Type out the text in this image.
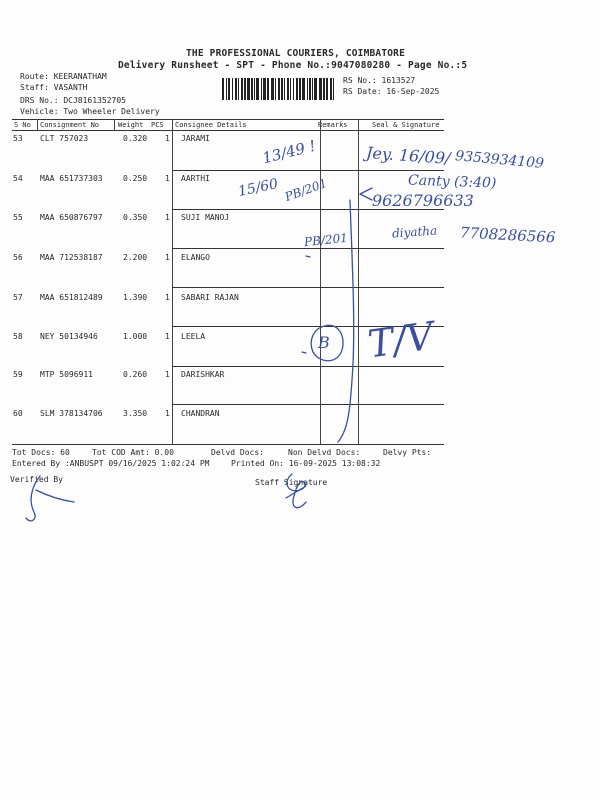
THE PROFESSIONAL COURIERS, COIMBATORE
Delivery Runsheet - SPT - Phone No.:9047080280 - Page No.:5
Route: KEERANATHAM
Staff: VASANTH
DRS No.: DCJ8161352705
Vehicle: Two Wheeler Delivery
RS No.: 1613527
RS Date: 16-Sep-2025
S No Consignment No	Weight PCS Consignee Details	Remarks	Seal & Signature
53 CLT 757023	0.320 1 JARAMI
54 MAA 651737303	0.250 1 AARTHI
55 MAA 650876797	0.350 1 SUJI MANOJ
56 MAA 712538187	2.200 1 ELANGO
57 MAA 651812489	1.390 1 SABARI RAJAN
58 NEY 50134946	1.000 1 LEELA
59 MTP 5096911	0.260 1 DARISHKAR
60 SLM 378134706	3.350 1 CHANDRAN
Tot Docs: 60	Tot COD Amt: 0.00	Delvd Docs:	Non Delvd Docs:	Delvy Pts:
Entered By :ANBUSPT 09/16/2025 1:02:24 PM	Printed On: 16-09-2025 13:08:32
Verified By	Staff Signature
13/49 !	Jey. 16/09/ 9353934109
15/60 PB/201	Canty (3:40)
9626796633
PB/201	diyatha 7708286566
B T/V
